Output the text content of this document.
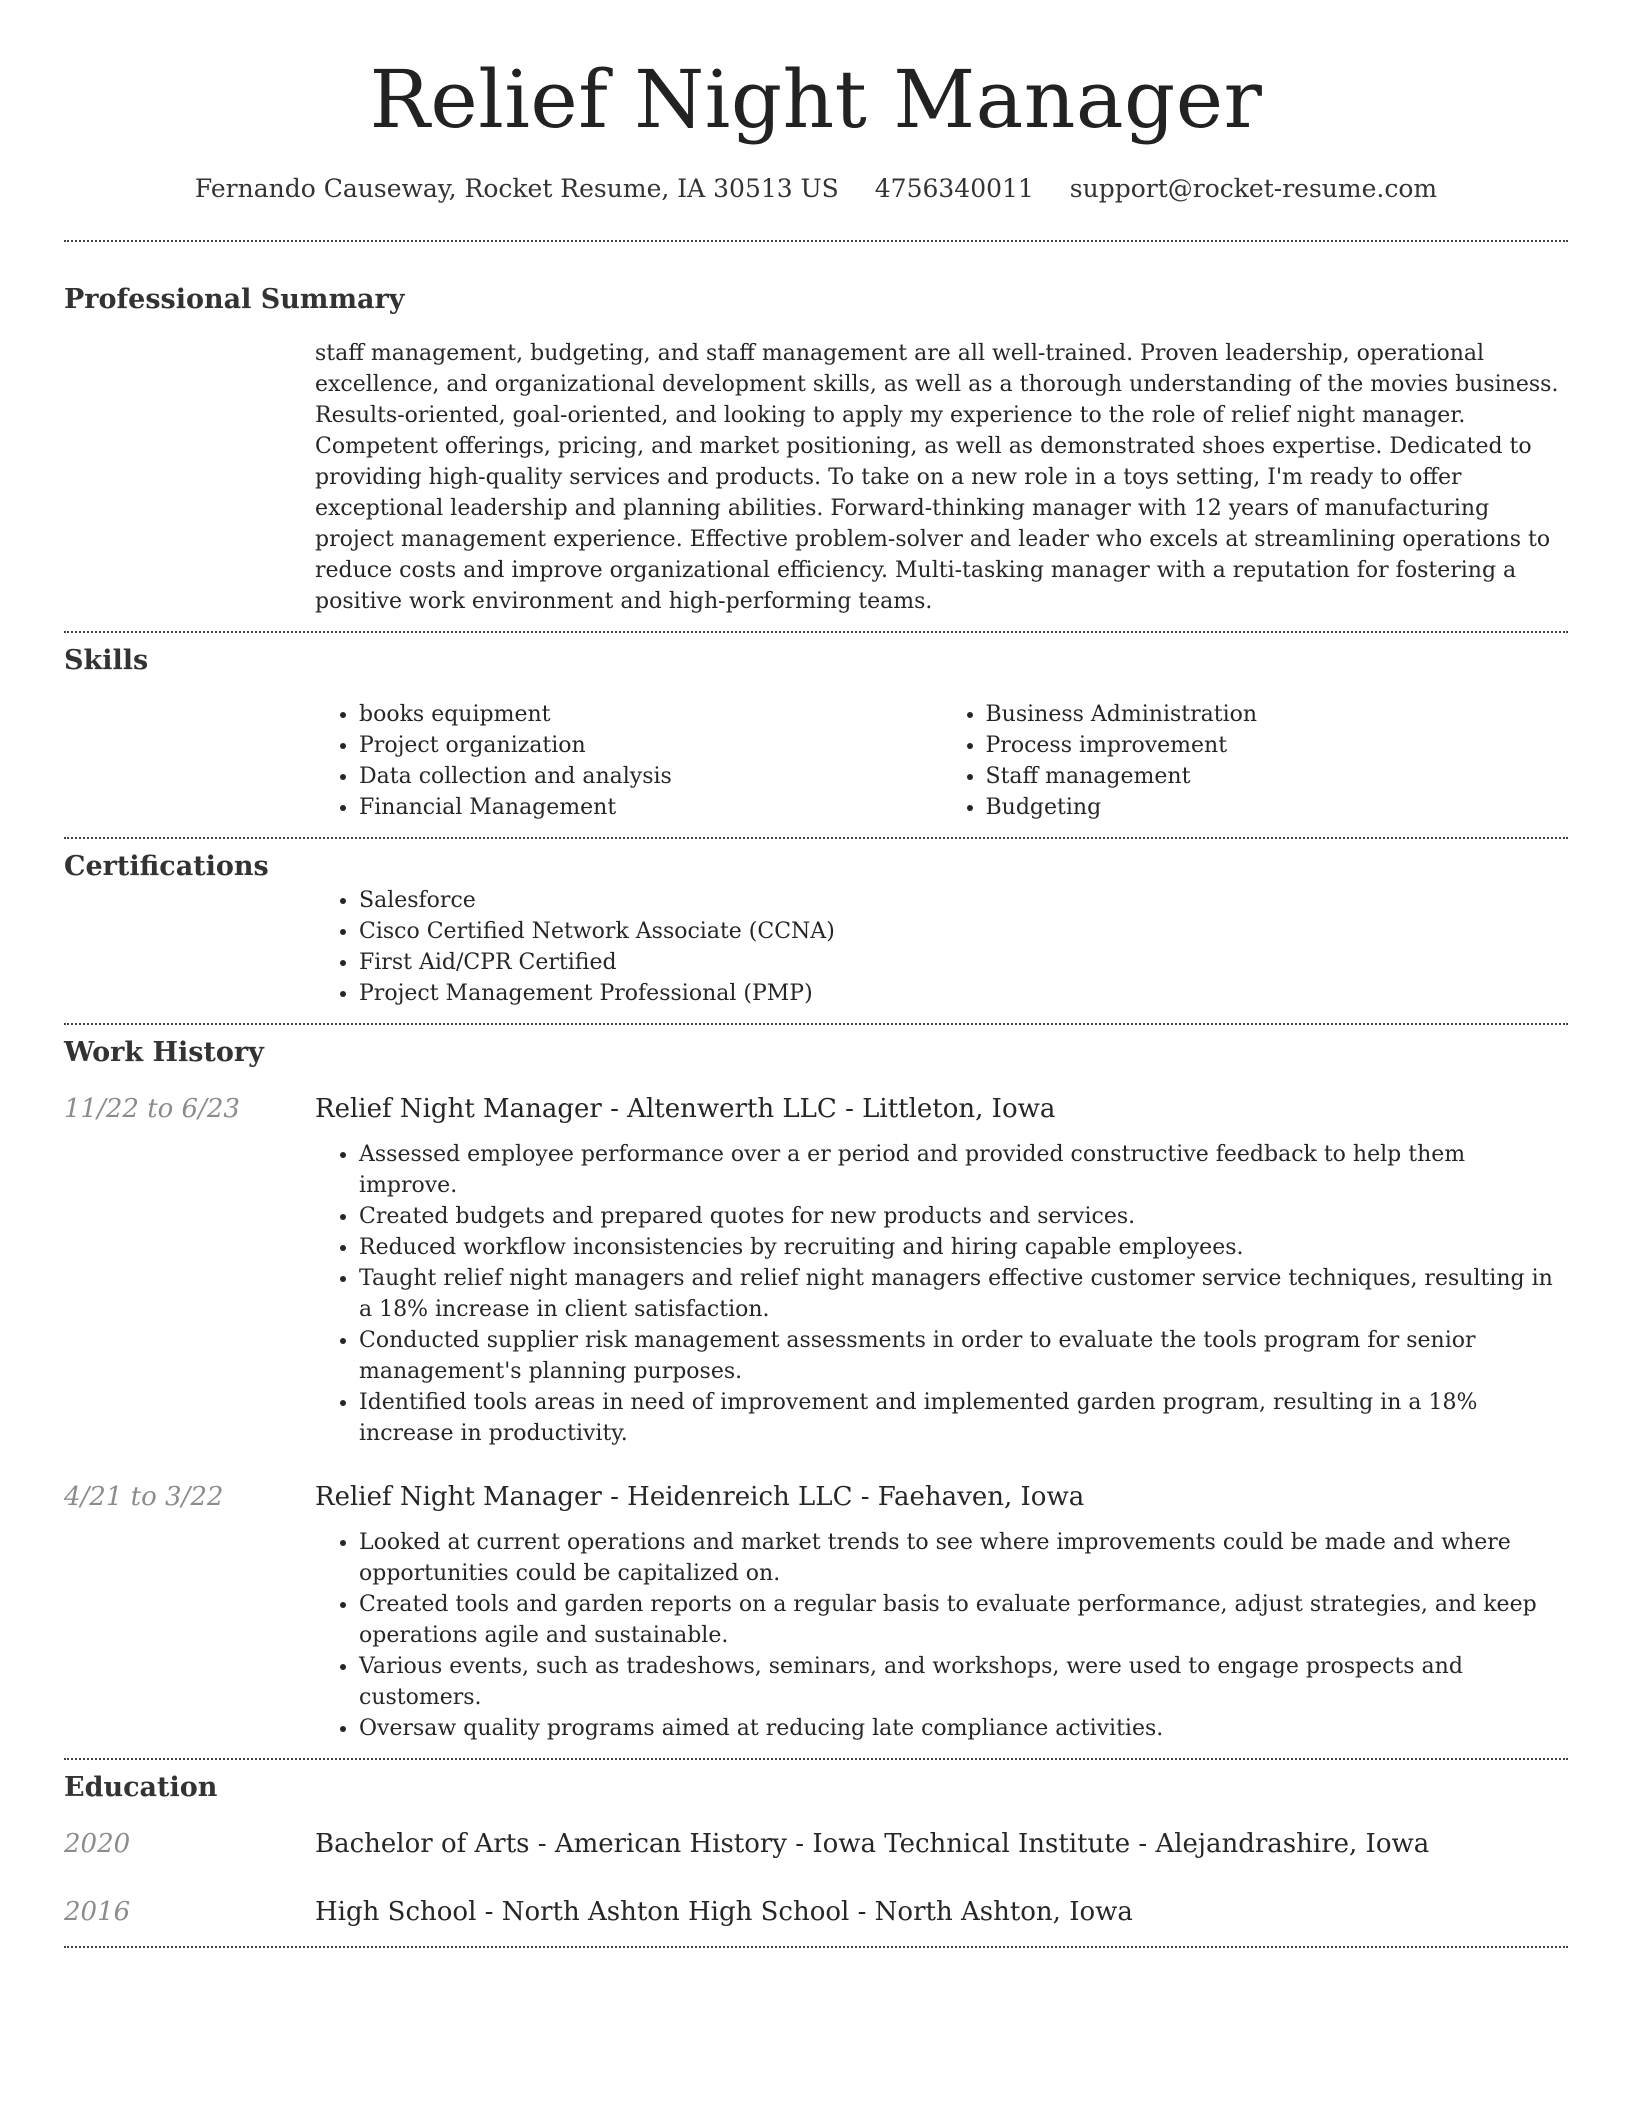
Relief Night Manager
Fernando Causeway, Rocket Resume, IA 30513 US 4756340011 support@rocket-resume.com
Professional Summary

staff management, budgeting, and staff management are all well-trained. Proven leadership, operational excellence, and organizational development skills, as well as a thorough understanding of the movies business. Results-oriented, goal-oriented, and looking to apply my experience to the role of relief night manager. Competent offerings, pricing, and market positioning, as well as demonstrated shoes expertise. Dedicated to providing high-quality services and products. To take on a new role in a toys setting, I'm ready to offer exceptional leadership and planning abilities. Forward-thinking manager with 12 years of manufacturing project management experience. Effective problem-solver and leader who excels at streamlining operations to reduce costs and improve organizational efficiency. Multi-tasking manager with a reputation for fostering a positive work environment and high-performing teams.

Skills
• books equipment
• Project organization
• Data collection and analysis
• Financial Management
• Business Administration
• Process improvement
• Staff management
• Budgeting
Certifications
• Salesforce
• Cisco Certified Network Associate (CCNA)
• First Aid/CPR Certified
• Project Management Professional (PMP)
Work History
11/22 to 6/23	Relief Night Manager - Altenwerth LLC - Littleton, Iowa
• Assessed employee performance over a er period and provided constructive feedback to help them improve.
• Created budgets and prepared quotes for new products and services.
• Reduced workflow inconsistencies by recruiting and hiring capable employees.
• Taught relief night managers and relief night managers effective customer service techniques, resulting in a 18% increase in client satisfaction.
• Conducted supplier risk management assessments in order to evaluate the tools program for senior management's planning purposes.
• Identified tools areas in need of improvement and implemented garden program, resulting in a 18% increase in productivity.
4/21 to 3/22	Relief Night Manager - Heidenreich LLC - Faehaven, Iowa
• Looked at current operations and market trends to see where improvements could be made and where opportunities could be capitalized on.
• Created tools and garden reports on a regular basis to evaluate performance, adjust strategies, and keep operations agile and sustainable.
• Various events, such as tradeshows, seminars, and workshops, were used to engage prospects and customers.
• Oversaw quality programs aimed at reducing late compliance activities.
Education
2020	Bachelor of Arts - American History - Iowa Technical Institute - Alejandrashire, Iowa
2016	High School - North Ashton High School - North Ashton, Iowa
